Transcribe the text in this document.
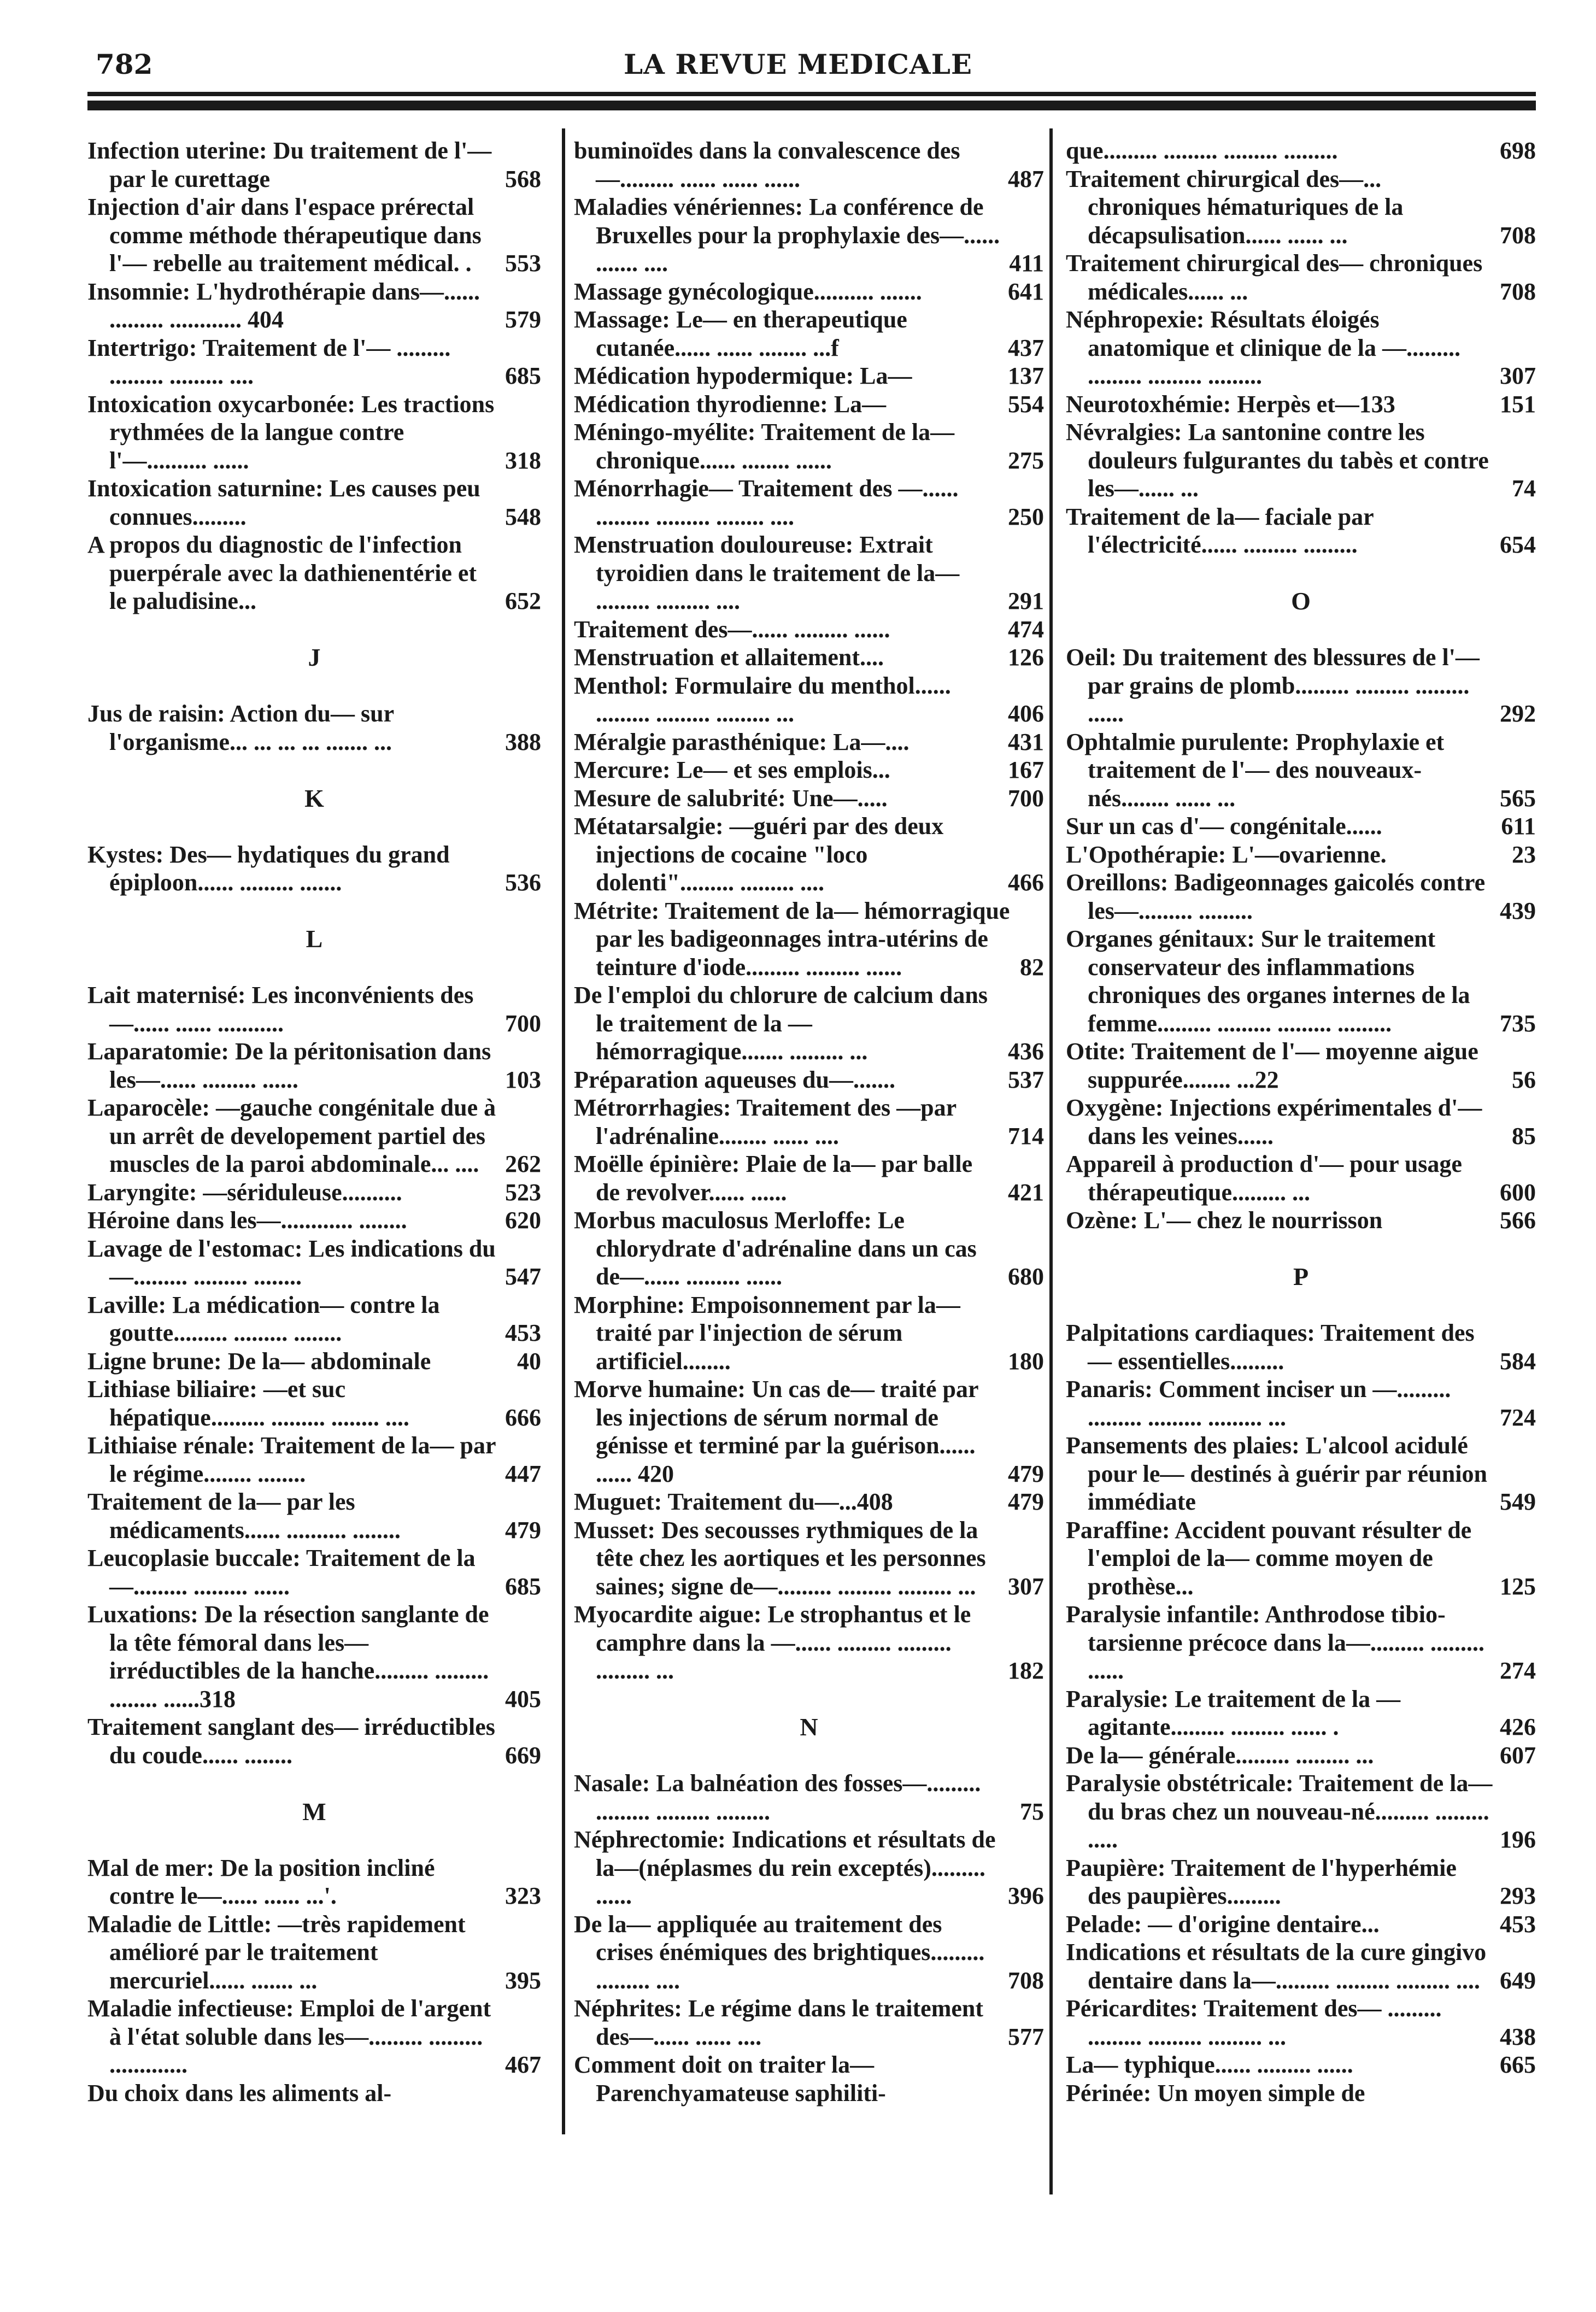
782	LA REVUE MEDICALE
Infection uterine: Du traitement de l'— par le curettage	568
Injection d'air dans l'espace prérectal comme méthode thérapeutique dans l'— rebelle au traitement médical. . 553
Insomnie: L'hydrothérapie dans—...... ......... ............ 404	579
Intertrigo: Traitement de l'— ......... ......... ......... ....	685
Intoxication oxycarbonée: Les tractions rythmées de la langue contre l'—.......... ......	318
Intoxication saturnine: Les causes peu connues.........	548
A propos du diagnostic de l'infection puerpérale avec la dathienentérie et le paludisine...	652
J
Jus de raisin: Action du— sur l'organisme... ... ... ... ....... ...	388
K
Kystes: Des— hydatiques du grand épiploon...... ......... .......	536
L
Lait maternisé: Les inconvénients des—...... ...... ...........	700
Laparatomie: De la péritonisation dans les—...... ......... ......	103
Laparocèle: —gauche congénitale due à un arrêt de developement partiel des muscles de la paroi abdominale... .... 262
Laryngite: —sériduleuse..........	523
Héroine dans les—............ ........	620
Lavage de l'estomac: Les indications du—......... ......... ........	547
Laville: La médication— contre la goutte......... ......... ........	453
Ligne brune: De la— abdominale	40
Lithiase biliaire: —et suc hépatique......... ......... ........ ....	666
Lithiaise rénale: Traitement de la— par le régime........ ........	447
Traitement de la— par les médicaments...... .......... ........	479
Leucoplasie buccale: Traitement de la—......... ......... ......	685
Luxations: De la résection sanglante de la tête fémoral dans les— irréductibles de la hanche......... ......... ........ ......318	405
Traitement sanglant des— irréductibles du coude...... ........	669
M
Mal de mer: De la position incliné contre le—...... ...... ...'.	323
Maladie de Little: —très rapidement amélioré par le traitement mercuriel...... ....... ...	395
Maladie infectieuse: Emploi de l'argent à l'état soluble dans les—......... ......... .............	467
Du choix dans les aliments al-
buminoïdes dans la convalescence des—......... ...... ...... ......	487
Maladies vénériennes: La conférence de Bruxelles pour la prophylaxie des—...... ....... ....	411
Massage gynécologique.......... .......	641
Massage: Le— en therapeutique cutanée...... ...... ........ ...f	437
Médication hypodermique: La—	137
Médication thyrodienne: La—	554
Méningo-myélite: Traitement de la— chronique...... ........ ......	275
Ménorrhagie— Traitement des —...... ......... ......... ........ ....	250
Menstruation douloureuse: Extrait tyroidien dans le traitement de la— ......... ......... ....	291
Traitement des—...... ......... ......	474
Menstruation et allaitement....	126
Menthol: Formulaire du menthol...... ......... ......... ......... ...	406
Méralgie parasthénique: La—....	431
Mercure: Le— et ses emplois...	167
Mesure de salubrité: Une—.....	700
Métatarsalgie: —guéri par des deux injections de cocaine "loco dolenti"......... ......... ....	466
Métrite: Traitement de la— hémorragique par les badigeonnages intra-utérins de teinture d'iode......... ......... ......	82
De l'emploi du chlorure de calcium dans le traitement de la — hémorragique....... ......... ...	436
Préparation aqueuses du—.......	537
Métrorrhagies: Traitement des —par l'adrénaline........ ...... ....	714
Moëlle épinière: Plaie de la— par balle de revolver...... ......	421
Morbus maculosus Merloffe: Le chlorydrate d'adrénaline dans un cas de—...... ......... ......	680
Morphine: Empoisonnement par la— traité par l'injection de sérum artificiel........	180
Morve humaine: Un cas de— traité par les injections de sérum normal de génisse et terminé par la guérison...... ...... 420	479
Muguet: Traitement du—...408	479
Musset: Des secousses rythmiques de la tête chez les aortiques et les personnes saines; signe de—......... ......... ......... ... 307
Myocardite aigue: Le strophantus et le camphre dans la —...... ......... ......... ......... ...	182
N
Nasale: La balnéation des fosses—......... ......... ......... .........	75
Néphrectomie: Indications et résultats de la—(néplasmes du rein exceptés)......... ......	396
De la— appliquée au traitement des crises énémiques des brightiques......... ......... ....	708
Néphrites: Le régime dans le traitement des—...... ...... ....	577
Comment doit on traiter la— Parenchyamateuse saphiliti-
que......... ......... ......... .........	698
Traitement chirurgical des—... chroniques hématuriques de la décapsulisation...... ...... ...	708
Traitement chirurgical des— chroniques médicales...... ...	708
Néphropexie: Résultats éloigés anatomique et clinique de la —......... ......... ......... .........	307
Neurotoxhémie: Herpès et—133	151
Névralgies: La santonine contre les douleurs fulgurantes du tabès et contre les—...... ...	74
Traitement de la— faciale par l'électricité...... ......... .........	654
O
Oeil: Du traitement des blessures de l'— par grains de plomb......... ......... ......... ......	292
Ophtalmie purulente: Prophylaxie et traitement de l'— des nouveaux-nés........ ...... ...	565
Sur un cas d'— congénitale......	611
L'Opothérapie: L'—ovarienne.	23
Oreillons: Badigeonnages gaicolés contre les—......... .........	439
Organes génitaux: Sur le traitement conservateur des inflammations chroniques des organes internes de la femme......... ......... ......... .........	735
Otite: Traitement de l'— moyenne aigue suppurée........ ...22	56
Oxygène: Injections expérimentales d'— dans les veines......	85
Appareil à production d'— pour usage thérapeutique......... ...	600
Ozène: L'— chez le nourrisson	566
P
Palpitations cardiaques: Traitement des— essentielles.........	584
Panaris: Comment inciser un —......... ......... ......... ......... ...	724
Pansements des plaies: L'alcool acidulé pour le— destinés à guérir par réunion immédiate	549
Paraffine: Accident pouvant résulter de l'emploi de la— comme moyen de prothèse...	125
Paralysie infantile: Anthrodose tibio-tarsienne précoce dans la—......... ......... ......	274
Paralysie: Le traitement de la — agitante......... ......... ...... .	426
De la— générale......... ......... ...	607
Paralysie obstétricale: Traitement de la—du bras chez un nouveau-né......... ......... .....	196
Paupière: Traitement de l'hyperhémie des paupières.........	293
Pelade: — d'origine dentaire...	453
Indications et résultats de la cure gingivo dentaire dans la—......... ......... ......... .... 649
Péricardites: Traitement des— ......... ......... ......... ......... ...	438
La— typhique...... ......... ......	665
Périnée: Un moyen simple de
